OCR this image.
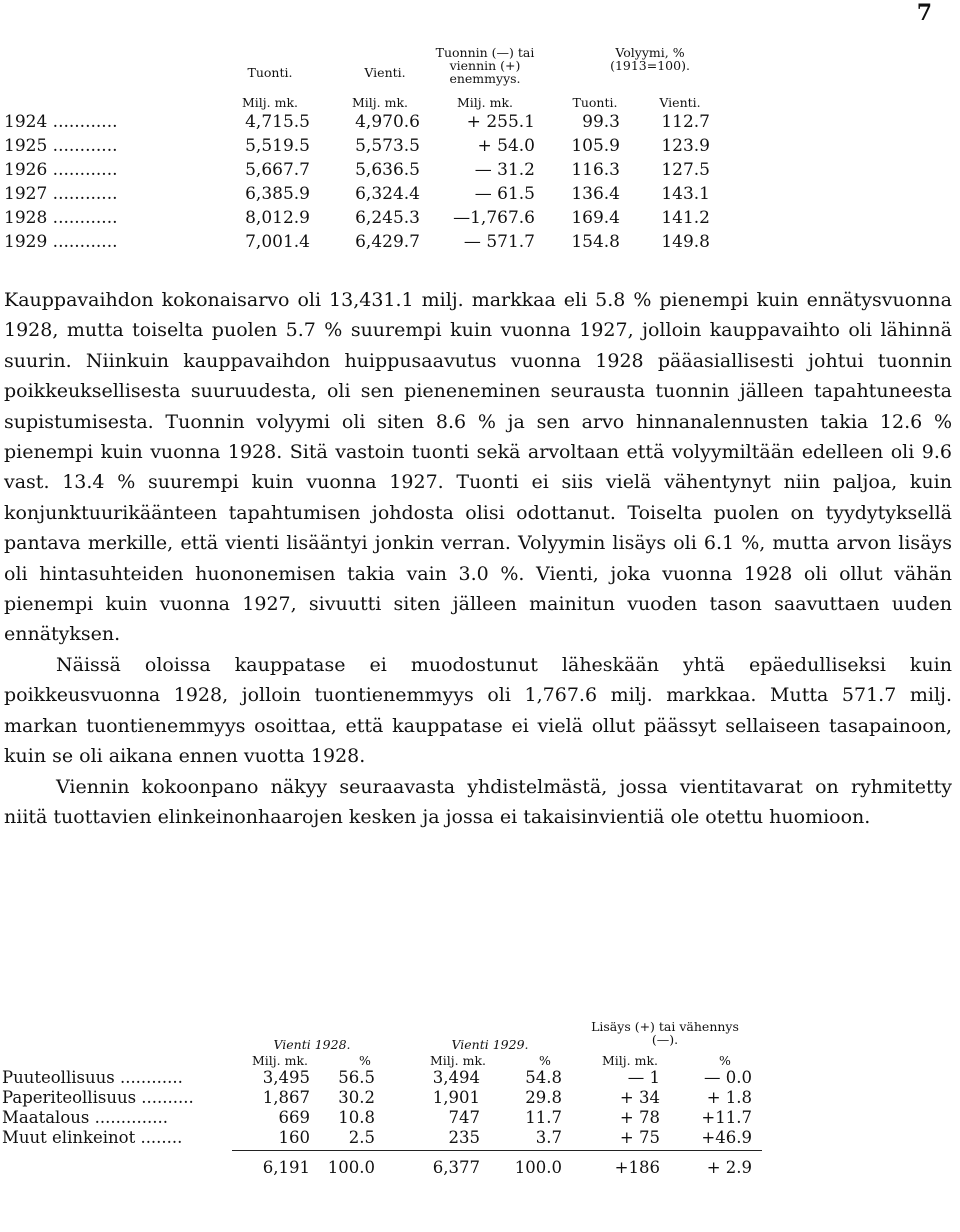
7
Tuonti.	Vienti.
Tuonnin (—) tai viennin (+) enemmyys.
Volyymi, % (1913=100).
Milj. mk.	Milj. mk.	Milj. mk.	Tuonti.	Vienti.
1924 ............	4,715.5	4,970.6	+ 255.1	99.3	112.7
1925 ............	5,519.5	5,573.5	+ 54.0	105.9	123.9
1926 ............	5,667.7	5,636.5	— 31.2	116.3	127.5
1927 ............	6,385.9	6,324.4	— 61.5	136.4	143.1
1928 ............	8,012.9	6,245.3	—1,767.6	169.4	141.2
1929 ............	7,001.4	6,429.7	— 571.7	154.8	149.8

Kauppavaihdon kokonaisarvo oli 13,431.1 milj. markkaa eli 5.8 % pienempi kuin ennätysvuonna 1928, mutta toiselta puolen 5.7 % suurempi kuin vuonna 1927, jolloin kauppavaihto oli lähinnä suurin. Niinkuin kauppavaihdon huippusaavutus vuonna 1928 pääasiallisesti johtui tuonnin poikkeuksellisesta suuruudesta, oli sen pieneneminen seurausta tuonnin jälleen tapahtuneesta supistumisesta. Tuonnin volyymi oli siten 8.6 % ja sen arvo hinnanalennusten takia 12.6 % pienempi kuin vuonna 1928. Sitä vastoin tuonti sekä arvoltaan että volyymiltään edelleen oli 9.6 vast. 13.4 % suurempi kuin vuonna 1927. Tuonti ei siis vielä vähentynyt niin paljoa, kuin konjunktuurikäänteen tapahtumisen johdosta olisi odottanut. Toiselta puolen on tyydytyksellä pantava merkille, että vienti lisääntyi jonkin verran. Volyymin lisäys oli 6.1 %, mutta arvon lisäys oli hintasuhteiden huononemisen takia vain 3.0 %. Vienti, joka vuonna 1928 oli ollut vähän pienempi kuin vuonna 1927, sivuutti siten jälleen mainitun vuoden tason saavuttaen uuden ennätyksen.

Näissä oloissa kauppatase ei muodostunut läheskään yhtä epäedulliseksi kuin poikkeusvuonna 1928, jolloin tuontienemmyys oli 1,767.6 milj. markkaa. Mutta 571.7 milj. markan tuontienemmyys osoittaa, että kauppatase ei vielä ollut päässyt sellaiseen tasapainoon, kuin se oli aikana ennen vuotta 1928.

Viennin kokoonpano näkyy seuraavasta yhdistelmästä, jossa vientitavarat on ryhmitetty niitä tuottavien elinkeinonhaarojen kesken ja jossa ei takaisinvientiä ole otettu huomioon.

Vienti 1928.	Vienti 1929.
Lisäys (+) tai vähennys (—).
Milj. mk.	%	Milj. mk.	%	Milj. mk.	%
Puuteollisuus ............	3,495	56.5	3,494	54.8	— 1	— 0.0
Paperiteollisuus ..........	1,867	30.2	1,901	29.8	+ 34	+ 1.8
Maatalous ..............	669	10.8	747	11.7	+ 78	+11.7
Muut elinkeinot ........	160	2.5	235	3.7	+ 75	+46.9
6,191	100.0	6,377	100.0	+186	+ 2.9
